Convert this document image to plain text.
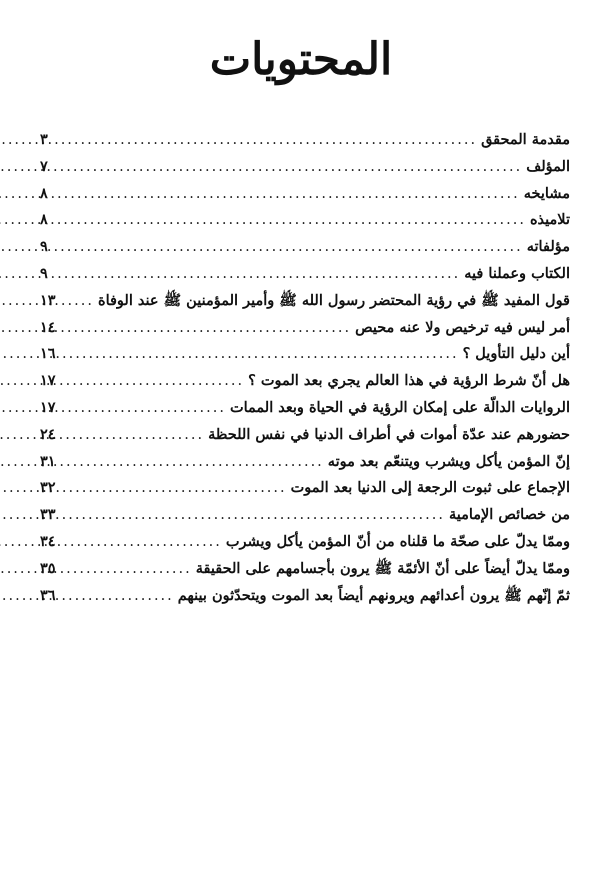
المحتويات
مقدمة المحقق
.....
٣
المؤلف
.....
٧
مشايخه
.....
٨
تلاميذه
.....
٨
مؤلفاته
.....
٩
الكتاب وعملنا فيه
.....
٩
قول المفيد ﷺ في رؤية المحتضر رسول الله ﷺ وأمير المؤمنين ﷺ عند الوفاة
.....
١٣
أمر ليس فيه ترخيص ولا عنه محيص
.....
١٤
أين دليل التأويل ؟
.....
١٦
هل أنّ شرط الرؤية في هذا العالم يجري بعد الموت ؟
.....
١٧
الروايات الدالّة على إمكان الرؤية في الحياة وبعد الممات
.....
١٧
حضورهم عند عدّة أموات في أطراف الدنيا في نفس اللحظة
.....
٢٤
إنّ المؤمن يأكل ويشرب ويتنعّم بعد موته
.....
٣١
الإجماع على ثبوت الرجعة إلى الدنيا بعد الموت
.....
٣٢
من خصائص الإمامية
.....
٣٣
وممّا يدلّ على صحّة ما قلناه من أنّ المؤمن يأكل ويشرب
.....
٣٤
وممّا يدلّ أيضاً على أنّ الأئمّة ﷺ يرون بأجسامهم على الحقيقة
.....
٣٥
ثمّ إنّهم ﷺ يرون أعدائهم ويرونهم أيضاً بعد الموت ويتحدّثون بينهم
.....
٣٦
